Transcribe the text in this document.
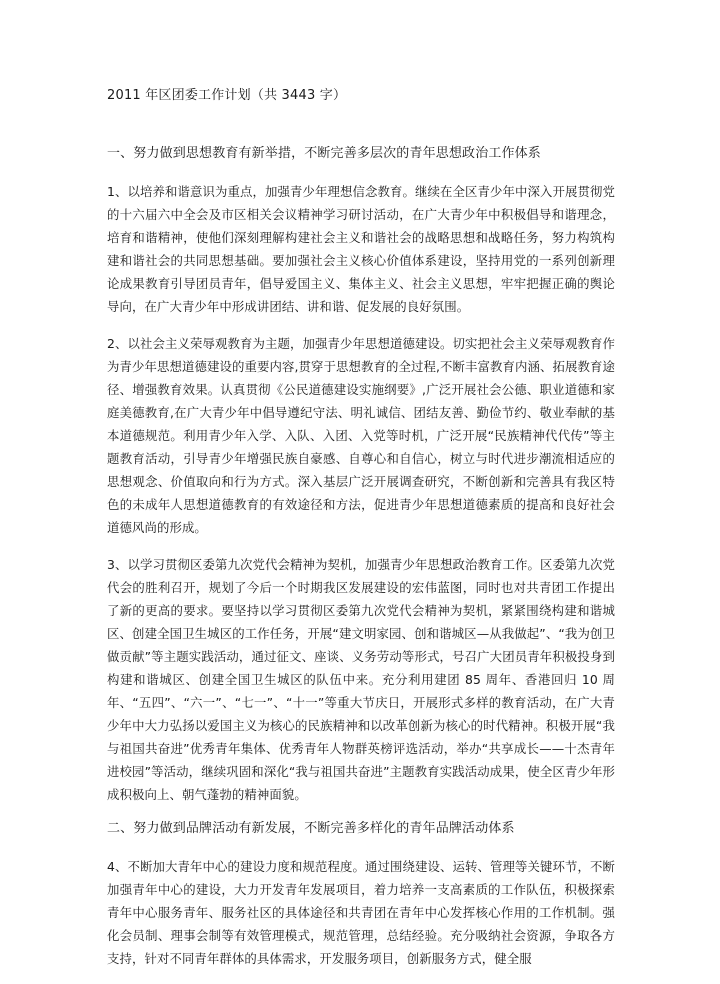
2011 年区团委工作计划（共 3443 字）
一、努力做到思想教育有新举措，不断完善多层次的青年思想政治工作体系

1、以培养和谐意识为重点，加强青少年理想信念教育。继续在全区青少年中深入开展贯彻党的十六届六中全会及市区相关会议精神学习研讨活动，在广大青少年中积极倡导和谐理念，培育和谐精神，使他们深刻理解构建社会主义和谐社会的战略思想和战略任务，努力构筑构建和谐社会的共同思想基础。要加强社会主义核心价值体系建设，坚持用党的一系列创新理论成果教育引导团员青年，倡导爱国主义、集体主义、社会主义思想，牢牢把握正确的舆论导向，在广大青少年中形成讲团结、讲和谐、促发展的良好氛围。

2、以社会主义荣辱观教育为主题，加强青少年思想道德建设。切实把社会主义荣辱观教育作为青少年思想道德建设的重要内容,贯穿于思想教育的全过程,不断丰富教育内涵、拓展教育途径、增强教育效果。认真贯彻《公民道德建设实施纲要》,广泛开展社会公德、职业道德和家庭美德教育,在广大青少年中倡导遵纪守法、明礼诚信、团结友善、勤俭节约、敬业奉献的基本道德规范。利用青少年入学、入队、入团、入党等时机，广泛开展“民族精神代代传”等主题教育活动，引导青少年增强民族自豪感、自尊心和自信心，树立与时代进步潮流相适应的思想观念、价值取向和行为方式。深入基层广泛开展调查研究，不断创新和完善具有我区特色的未成年人思想道德教育的有效途径和方法，促进青少年思想道德素质的提高和良好社会道德风尚的形成。

3、以学习贯彻区委第九次党代会精神为契机，加强青少年思想政治教育工作。区委第九次党代会的胜利召开，规划了今后一个时期我区发展建设的宏伟蓝图，同时也对共青团工作提出了新的更高的要求。要坚持以学习贯彻区委第九次党代会精神为契机，紧紧围绕构建和谐城区、创建全国卫生城区的工作任务，开展“建文明家园、创和谐城区—从我做起”、“我为创卫做贡献”等主题实践活动，通过征文、座谈、义务劳动等形式，号召广大团员青年积极投身到构建和谐城区、创建全国卫生城区的队伍中来。充分利用建团 85 周年、香港回归 10 周年、“五四”、“六一”、“七一”、“十一”等重大节庆日，开展形式多样的教育活动，在广大青少年中大力弘扬以爱国主义为核心的民族精神和以改革创新为核心的时代精神。积极开展“我与祖国共奋进”优秀青年集体、优秀青年人物群英榜评选活动，举办“共享成长——十杰青年进校园”等活动，继续巩固和深化“我与祖国共奋进”主题教育实践活动成果，使全区青少年形成积极向上、朝气蓬勃的精神面貌。

二、努力做到品牌活动有新发展，不断完善多样化的青年品牌活动体系

4、不断加大青年中心的建设力度和规范程度。通过围绕建设、运转、管理等关键环节，不断加强青年中心的建设，大力开发青年发展项目，着力培养一支高素质的工作队伍，积极探索青年中心服务青年、服务社区的具体途径和共青团在青年中心发挥核心作用的工作机制。强化会员制、理事会制等有效管理模式，规范管理，总结经验。充分吸纳社会资源，争取各方支持，针对不同青年群体的具体需求，开发服务项目，创新服务方式，健全服
